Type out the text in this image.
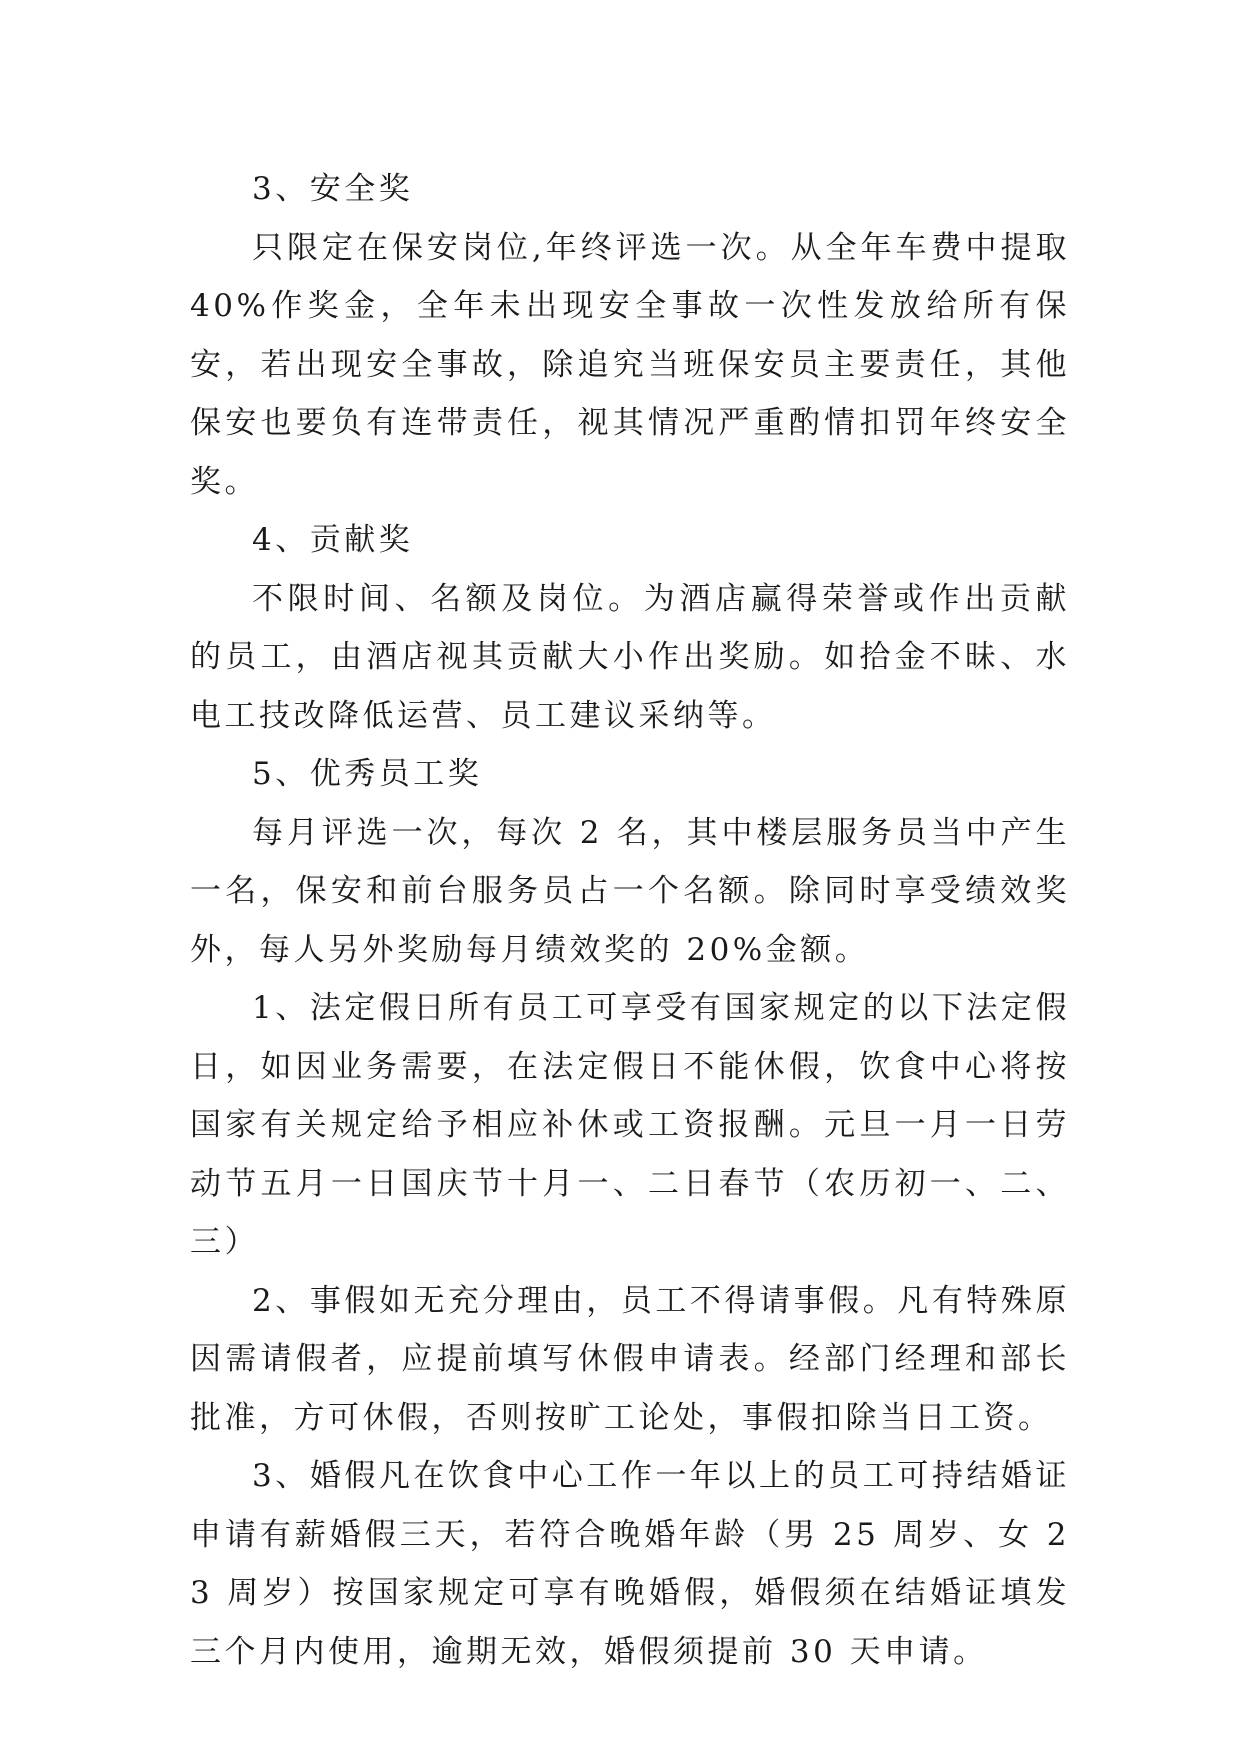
3、安全奖

只限定在保安岗位,年终评选一次。从全年车费中提取40%作奖金，全年未出现安全事故一次性发放给所有保安，若出现安全事故，除追究当班保安员主要责任，其他保安也要负有连带责任，视其情况严重酌情扣罚年终安全奖。

4、贡献奖

不限时间、名额及岗位。为酒店赢得荣誉或作出贡献的员工，由酒店视其贡献大小作出奖励。如拾金不昧、水电工技改降低运营、员工建议采纳等。

5、优秀员工奖

每月评选一次，每次 2 名，其中楼层服务员当中产生一名，保安和前台服务员占一个名额。除同时享受绩效奖外，每人另外奖励每月绩效奖的 20%金额。

1、法定假日所有员工可享受有国家规定的以下法定假日，如因业务需要，在法定假日不能休假，饮食中心将按国家有关规定给予相应补休或工资报酬。元旦一月一日劳动节五月一日国庆节十月一、二日春节（农历初一、二、三）

2、事假如无充分理由，员工不得请事假。凡有特殊原因需请假者，应提前填写休假申请表。经部门经理和部长批准，方可休假，否则按旷工论处，事假扣除当日工资。

3、婚假凡在饮食中心工作一年以上的员工可持结婚证申请有薪婚假三天，若符合晚婚年龄（男 25 周岁、女 23 周岁）按国家规定可享有晚婚假，婚假须在结婚证填发三个月内使用，逾期无效，婚假须提前 30 天申请。
